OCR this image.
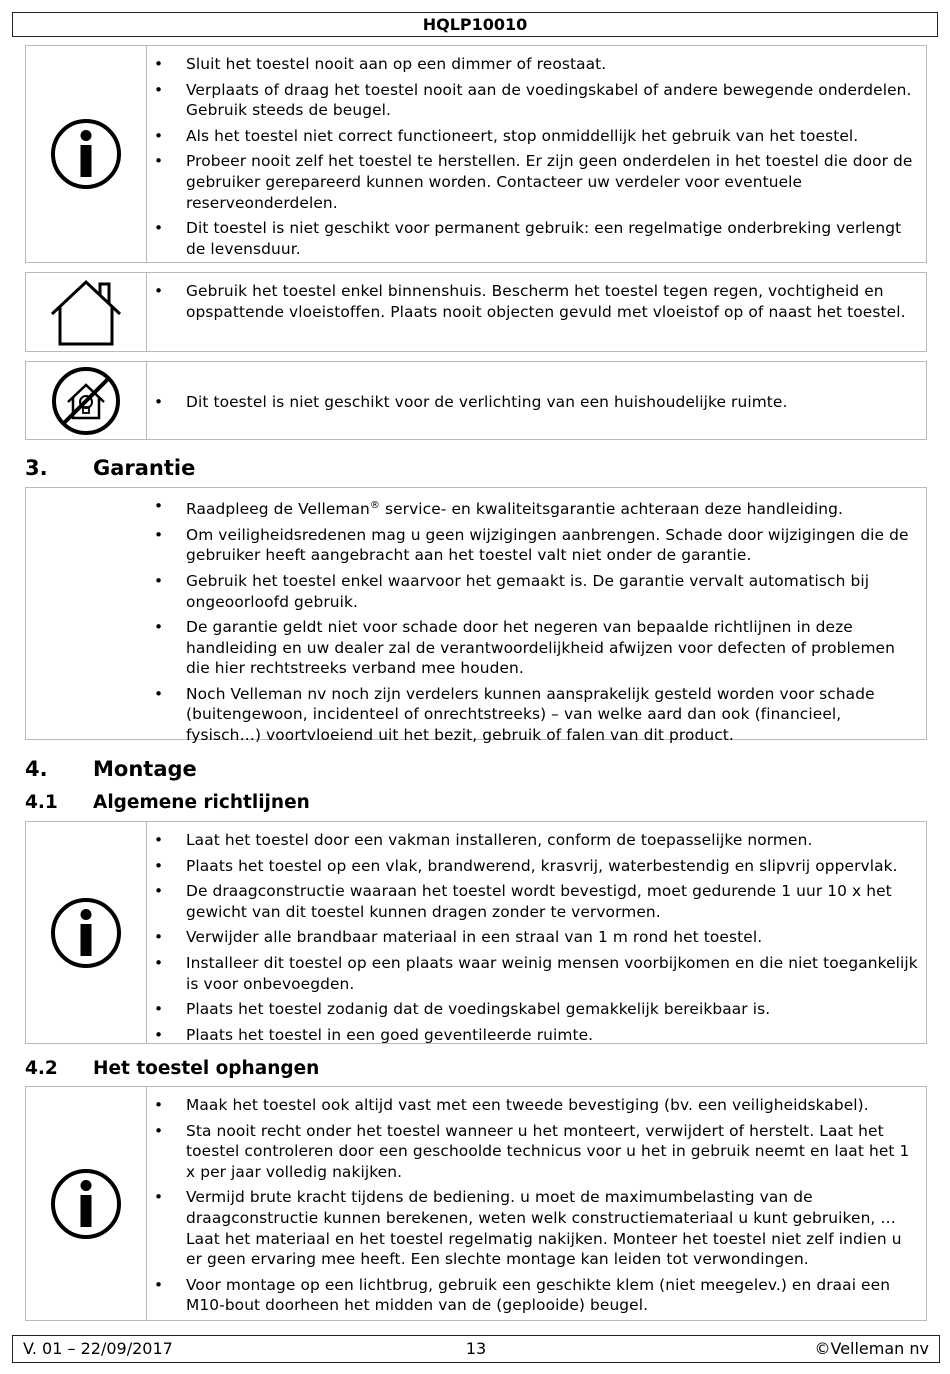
HQLP10010
• Sluit het toestel nooit aan op een dimmer of reostaat.
• Verplaats of draag het toestel nooit aan de voedingskabel of andere bewegende onderdelen. Gebruik steeds de beugel.
• Als het toestel niet correct functioneert, stop onmiddellijk het gebruik van het toestel.
• Probeer nooit zelf het toestel te herstellen. Er zijn geen onderdelen in het toestel die door de gebruiker gerepareerd kunnen worden. Contacteer uw verdeler voor eventuele reserveonderdelen.
• Dit toestel is niet geschikt voor permanent gebruik: een regelmatige onderbreking verlengt de levensduur.
• Gebruik het toestel enkel binnenshuis. Bescherm het toestel tegen regen, vochtigheid en opspattende vloeistoffen. Plaats nooit objecten gevuld met vloeistof op of naast het toestel.
• Dit toestel is niet geschikt voor de verlichting van een huishoudelijke ruimte.
3. Garantie
• Raadpleeg de Velleman® service- en kwaliteitsgarantie achteraan deze handleiding.
• Om veiligheidsredenen mag u geen wijzigingen aanbrengen. Schade door wijzigingen die de gebruiker heeft aangebracht aan het toestel valt niet onder de garantie.
• Gebruik het toestel enkel waarvoor het gemaakt is. De garantie vervalt automatisch bij ongeoorloofd gebruik.
• De garantie geldt niet voor schade door het negeren van bepaalde richtlijnen in deze handleiding en uw dealer zal de verantwoordelijkheid afwijzen voor defecten of problemen die hier rechtstreeks verband mee houden.
• Noch Velleman nv noch zijn verdelers kunnen aansprakelijk gesteld worden voor schade (buitengewoon, incidenteel of onrechtstreeks) – van welke aard dan ook (financieel, fysisch…) voortvloeiend uit het bezit, gebruik of falen van dit product.
4. Montage
4.1 Algemene richtlijnen
• Laat het toestel door een vakman installeren, conform de toepasselijke normen.
• Plaats het toestel op een vlak, brandwerend, krasvrij, waterbestendig en slipvrij oppervlak.
• De draagconstructie waaraan het toestel wordt bevestigd, moet gedurende 1 uur 10 x het gewicht van dit toestel kunnen dragen zonder te vervormen.
• Verwijder alle brandbaar materiaal in een straal van 1 m rond het toestel.
• Installeer dit toestel op een plaats waar weinig mensen voorbijkomen en die niet toegankelijk is voor onbevoegden.
• Plaats het toestel zodanig dat de voedingskabel gemakkelijk bereikbaar is.
• Plaats het toestel in een goed geventileerde ruimte.
4.2 Het toestel ophangen
• Maak het toestel ook altijd vast met een tweede bevestiging (bv. een veiligheidskabel).
• Sta nooit recht onder het toestel wanneer u het monteert, verwijdert of herstelt. Laat het toestel controleren door een geschoolde technicus voor u het in gebruik neemt en laat het 1 x per jaar volledig nakijken.
• Vermijd brute kracht tijdens de bediening. u moet de maximumbelasting van de draagconstructie kunnen berekenen, weten welk constructiemateriaal u kunt gebruiken, … Laat het materiaal en het toestel regelmatig nakijken. Monteer het toestel niet zelf indien u er geen ervaring mee heeft. Een slechte montage kan leiden tot verwondingen.
• Voor montage op een lichtbrug, gebruik een geschikte klem (niet meegelev.) en draai een M10-bout doorheen het midden van de (geplooide) beugel.
V. 01 – 22/09/2017	13	©Velleman nv
